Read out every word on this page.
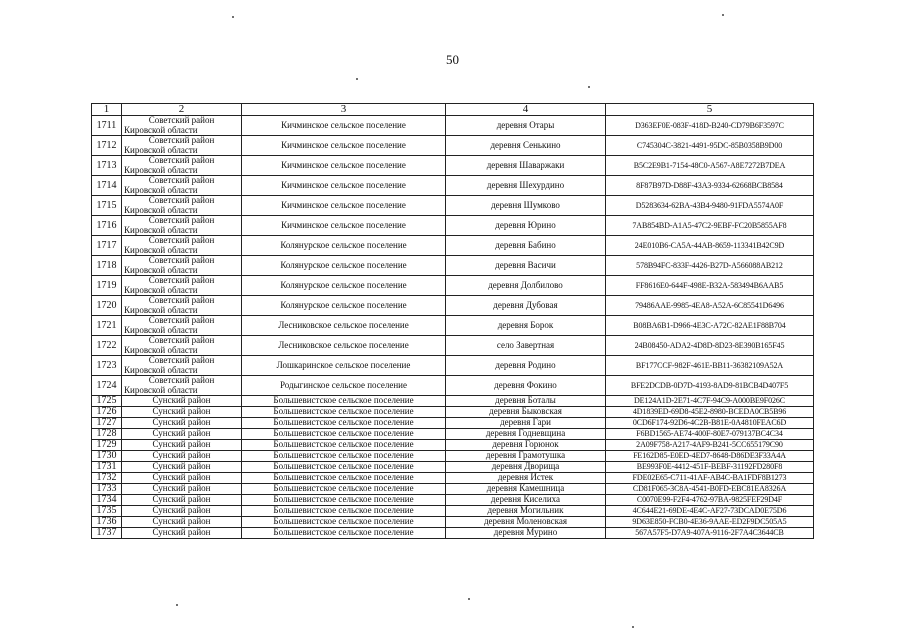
50
1	2	3	4	5
1711	Советский район
Кировской области	Кичминское сельское поселение	деревня Отары	D363EF0E-083F-418D-B240-CD79B6F3597C
1712	Советский район
Кировской области	Кичминское сельское поселение	деревня Сенькино	C745304C-3821-4491-95DC-85B0358B9D00
1713	Советский район
Кировской области	Кичминское сельское поселение	деревня Шаваржаки	B5C2E9B1-7154-48C0-A567-A8E7272B7DEA
1714	Советский район
Кировской области	Кичминское сельское поселение	деревня Шехурдино	8F87B97D-D88F-43A3-9334-62668BCB8584
1715	Советский район
Кировской области	Кичминское сельское поселение	деревня Шумково	D5283634-62BA-43B4-9480-91FDA5574A0F
1716	Советский район
Кировской области	Кичминское сельское поселение	деревня Юрино	7AB854BD-A1A5-47C2-9EBF-FC20B5855AF8
1717	Советский район
Кировской области	Колянурское сельское поселение	деревня Бабино	24E010B6-CA5A-44AB-8659-113341B42C9D
1718	Советский район
Кировской области	Колянурское сельское поселение	деревня Васичи	578B94FC-833F-4426-B27D-A566088AB212
1719	Советский район
Кировской области	Колянурское сельское поселение	деревня Долбилово	FF8616E0-644F-498E-B32A-583494B6AAB5
1720	Советский район
Кировской области	Колянурское сельское поселение	деревня Дубовая	79486AAE-9985-4EA8-A52A-6C85541D6496
1721	Советский район
Кировской области	Лесниковское сельское поселение	деревня Борок	B08BA6B1-D966-4E3C-A72C-82AE1F88B704
1722	Советский район
Кировской области	Лесниковское сельское поселение	село Завертная	24B08450-ADA2-4D8D-8D23-8E390B165F45
1723	Советский район
Кировской области	Лошкаринское сельское поселение	деревня Родино	BF177CCF-982F-461E-BB11-36382109A52A
1724	Советский район
Кировской области	Родыгинское сельское поселение	деревня Фокино	BFE2DCDB-0D7D-4193-8AD9-81BCB4D407F5
1725	Сунский район	Большевистское сельское поселение	деревня Боталы	DE124A1D-2E71-4C7F-94C9-A000BE9F026C
1726	Сунский район	Большевистское сельское поселение	деревня Быковская	4D1839ED-69D8-45E2-8980-BCEDA0CB5B96
1727	Сунский район	Большевистское сельское поселение	деревня Гари	0CD6F174-92D6-4C2B-B81E-0A4810FEAC6D
1728	Сунский район	Большевистское сельское поселение	деревня Годневщина	F6BD1565-AE74-400F-80E7-079137BC4C34
1729	Сунский район	Большевистское сельское поселение	деревня Горюнок	2A09F758-A217-4AF9-B241-5CC655179C90
1730	Сунский район	Большевистское сельское поселение	деревня Грамотушка	FE162D85-E0ED-4ED7-8648-D86DE3F33A4A
1731	Сунский район	Большевистское сельское поселение	деревня Дворища	BE993F0E-4412-451F-BEBF-31192FD280F8
1732	Сунский район	Большевистское сельское поселение	деревня Истек	FDE02E65-C711-41AF-AB4C-BA1FDF8B1273
1733	Сунский район	Большевистское сельское поселение	деревня Камешница	CD81F065-3C8A-4541-B0FD-EBC81EA8326A
1734	Сунский район	Большевистское сельское поселение	деревня Киселиха	C0070E99-F2F4-4762-97BA-9825FEF29D4F
1735	Сунский район	Большевистское сельское поселение	деревня Могильник	4C644E21-69DE-4E4C-AF27-73DCAD0E75D6
1736	Сунский район	Большевистское сельское поселение	деревня Моленовская	9D63E850-FCB0-4E36-9AAE-ED2F9DC505A5
1737	Сунский район	Большевистское сельское поселение	деревня Мурино	567A57F5-D7A9-407A-9116-2F7A4C3644CB
